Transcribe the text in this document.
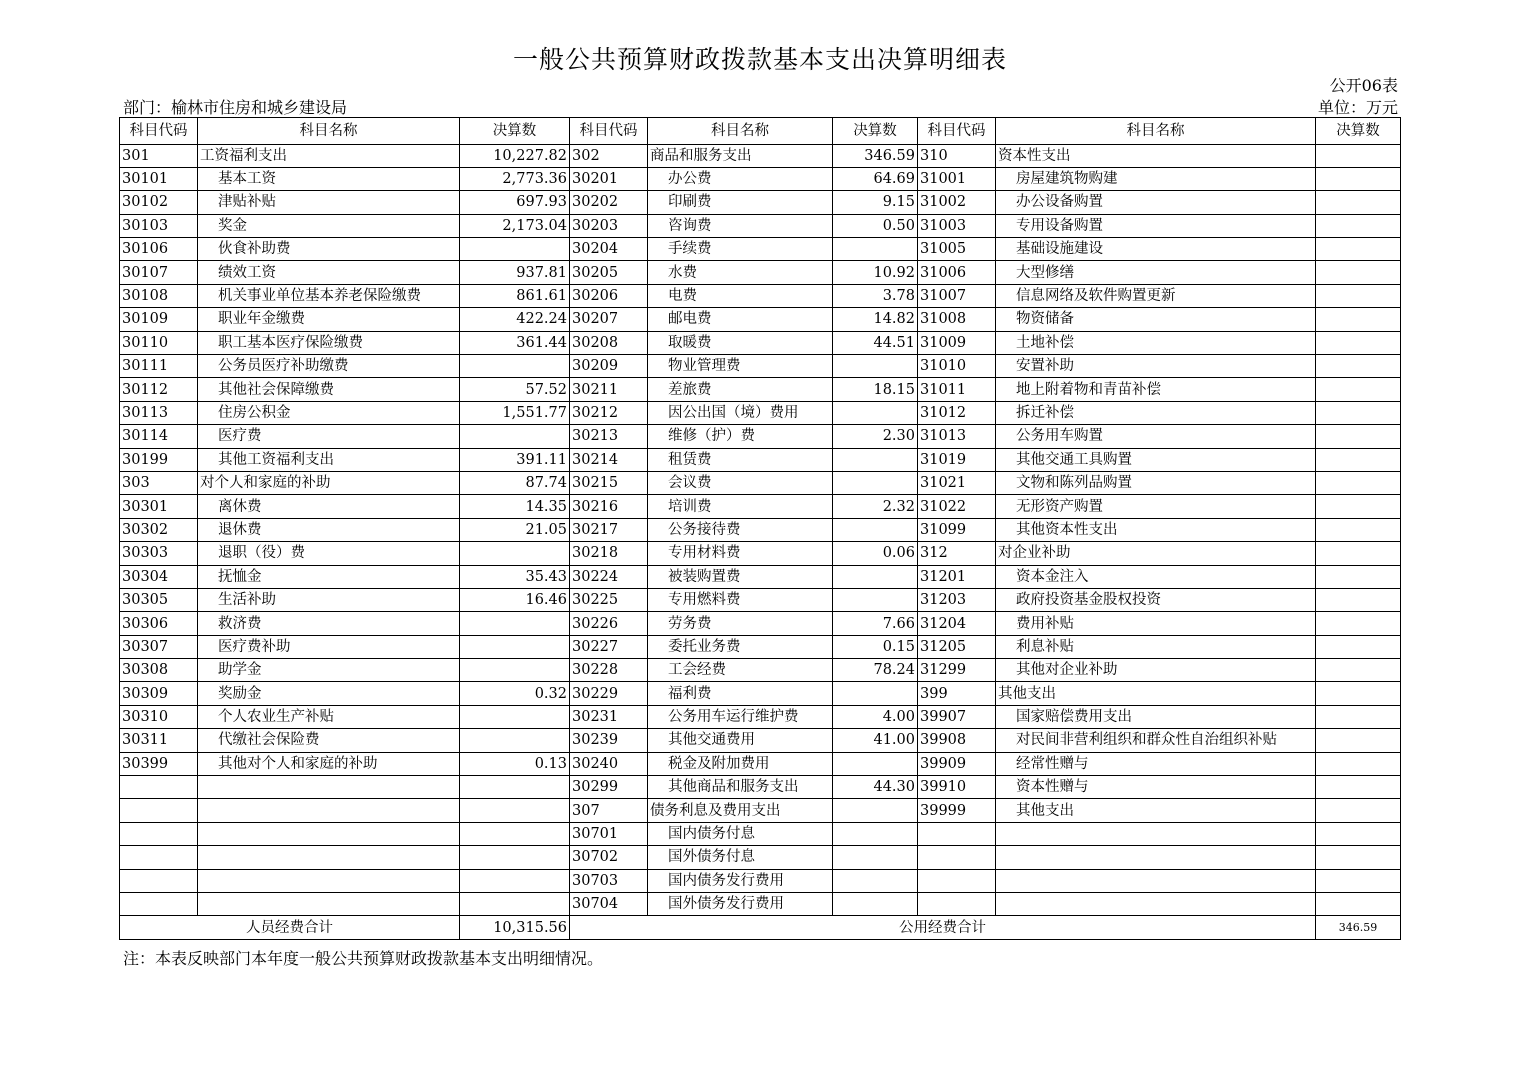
一般公共预算财政拨款基本支出决算明细表
公开06表
部门：榆林市住房和城乡建设局	单位：万元
科目代码	科目名称	决算数	科目代码	科目名称	决算数	科目代码	科目名称	决算数
301	工资福利支出	10,227.82	302	商品和服务支出	346.59	310	资本性支出	
30101	基本工资	2,773.36	30201	办公费	64.69	31001	房屋建筑物购建	
30102	津贴补贴	697.93	30202	印刷费	9.15	31002	办公设备购置	
30103	奖金	2,173.04	30203	咨询费	0.50	31003	专用设备购置	
30106	伙食补助费		30204	手续费		31005	基础设施建设	
30107	绩效工资	937.81	30205	水费	10.92	31006	大型修缮	
30108	机关事业单位基本养老保险缴费	861.61	30206	电费	3.78	31007	信息网络及软件购置更新	
30109	职业年金缴费	422.24	30207	邮电费	14.82	31008	物资储备	
30110	职工基本医疗保险缴费	361.44	30208	取暖费	44.51	31009	土地补偿	
30111	公务员医疗补助缴费		30209	物业管理费		31010	安置补助	
30112	其他社会保障缴费	57.52	30211	差旅费	18.15	31011	地上附着物和青苗补偿	
30113	住房公积金	1,551.77	30212	因公出国（境）费用		31012	拆迁补偿	
30114	医疗费		30213	维修（护）费	2.30	31013	公务用车购置	
30199	其他工资福利支出	391.11	30214	租赁费		31019	其他交通工具购置	
303	对个人和家庭的补助	87.74	30215	会议费		31021	文物和陈列品购置	
30301	离休费	14.35	30216	培训费	2.32	31022	无形资产购置	
30302	退休费	21.05	30217	公务接待费		31099	其他资本性支出	
30303	退职（役）费		30218	专用材料费	0.06	312	对企业补助	
30304	抚恤金	35.43	30224	被装购置费		31201	资本金注入	
30305	生活补助	16.46	30225	专用燃料费		31203	政府投资基金股权投资	
30306	救济费		30226	劳务费	7.66	31204	费用补贴	
30307	医疗费补助		30227	委托业务费	0.15	31205	利息补贴	
30308	助学金		30228	工会经费	78.24	31299	其他对企业补助	
30309	奖励金	0.32	30229	福利费		399	其他支出	
30310	个人农业生产补贴		30231	公务用车运行维护费	4.00	39907	国家赔偿费用支出	
30311	代缴社会保险费		30239	其他交通费用	41.00	39908	对民间非营利组织和群众性自治组织补贴	
30399	其他对个人和家庭的补助	0.13	30240	税金及附加费用		39909	经常性赠与	
			30299	其他商品和服务支出	44.30	39910	资本性赠与	
			307	债务利息及费用支出		39999	其他支出	
			30701	国内债务付息				
			30702	国外债务付息				
			30703	国内债务发行费用				
			30704	国外债务发行费用				
人员经费合计		10,315.56	公用经费合计					346.59
注：本表反映部门本年度一般公共预算财政拨款基本支出明细情况。
